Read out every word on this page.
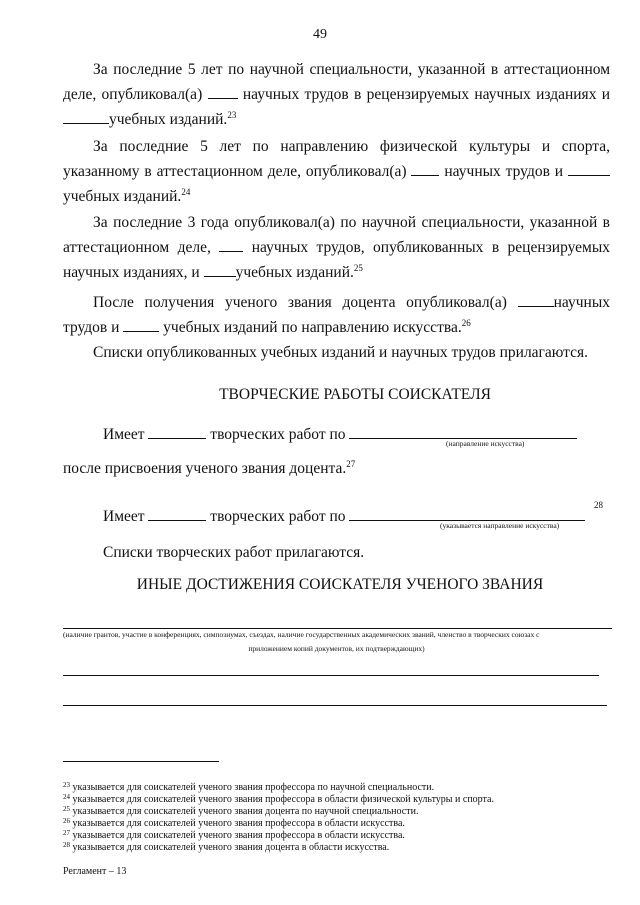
49
За последние 5 лет по научной специальности, указанной в аттестационном деле, опубликовал(а)	научных трудов в рецензируемых научных изданиях и учебных изданий.$^{23}$
За последние 5 лет по направлению физической культуры и спорта, указанному в аттестационном деле, опубликовал(а) научных трудов и  учебных изданий.$^{24}$
За последние 3 года опубликовал(а) по научной специальности, указанной в аттестационном деле,	научных трудов, опубликованных в рецензируемых научных изданиях, и учебных изданий.$^{25}$
После получения ученого звания доцента опубликовал(а)	научных трудов и	учебных изданий по направлению искусства.$^{26}$
Списки опубликованных учебных изданий и научных трудов прилагаются.
ТВОРЧЕСКИЕ РАБОТЫ СОИСКАТЕЛЯ
Имеет	творческих работ по
(направление искусства)
после присвоения ученого звания доцента.$^{27}$
28
Имеет	творческих работ по
(указывается направление искусства)
Списки творческих работ прилагаются.
ИНЫЕ ДОСТИЖЕНИЯ СОИСКАТЕЛЯ УЧЕНОГО ЗВАНИЯ
(наличие грантов, участие в конференциях, симпозиумах, съездах, наличие государственных академических званий, членство в творческих союзах с
приложением копий документов, их подтверждающих)
$^{23}$ указывается для соискателей ученого звания профессора по научной специальности.
$^{24}$ указывается для соискателей ученого звания профессора в области физической культуры и спорта.
$^{25}$ указывается для соискателей ученого звания доцента по научной специальности.
$^{26}$ указывается для соискателей ученого звания профессора в области искусства.
$^{27}$ указывается для соискателей ученого звания профессора в области искусства.
$^{28}$ указывается для соискателей ученого звания доцента в области искусства.
Регламент – 13
